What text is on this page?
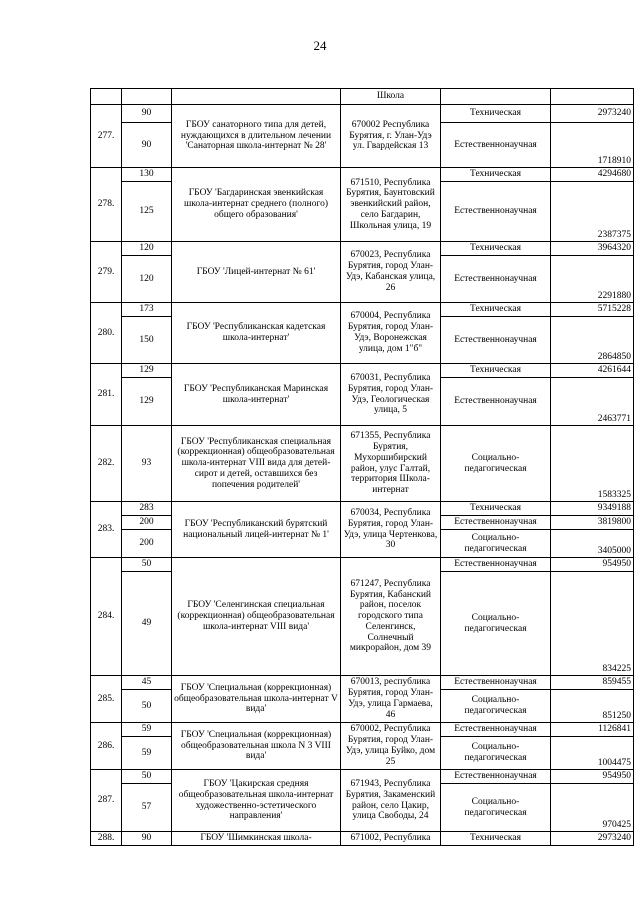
24
			Школа		
277.	90	ГБОУ санаторного типа для детей, нуждающихся в длительном лечении 'Санаторная школа-интернат № 28'	670002 Республика Бурятия, г. Улан-Удэ ул. Гвардейская 13	Техническая	2973240
	90			Естественнонаучная	1718910
278.	130	ГБОУ 'Багдаринская эвенкийская школа-интернат среднего (полного) общего образования'	671510, Республика Бурятия, Баунтовский эвенкийский район, село Багдарин, Школьная улица, 19	Техническая	4294680
	125			Естественнонаучная	2387375
279.	120	ГБОУ 'Лицей-интернат № 61'	670023, Республика Бурятия, город Улан-Удэ, Кабанская улица, 26	Техническая	3964320
	120			Естественнонаучная	2291880
280.	173	ГБОУ 'Республиканская кадетская школа-интернат'	670004, Республика Бурятия, город Улан-Удэ, Воронежская улица, дом 1"б"	Техническая	5715228
	150			Естественнонаучная	2864850
281.	129	ГБОУ 'Республиканская Маринская школа-интернат'	670031, Республика Бурятия, город Улан-Удэ, Геологическая улица, 5	Техническая	4261644
	129			Естественнонаучная	2463771
282.	93	ГБОУ 'Республиканская специальная (коррекционная) общеобразовательная школа-интернат VIII вида для детей-сирот и детей, оставшихся без попечения родителей'	671355, Республика Бурятия, Мухоршибирский район, улус Галтай, территория Школа-интернат	Социально-педагогическая	1583325
283.	283	ГБОУ 'Республиканский бурятский национальный лицей-интернат № 1'	670034, Республика Бурятия, город Улан-Удэ, улица Чертенкова, 30	Техническая	9349188
	200			Естественнонаучная	3819800
	200			Социально-педагогическая	3405000
284.	50	ГБОУ 'Селенгинская специальная (коррекционная) общеобразовательная школа-интернат VIII вида'	671247, Республика Бурятия, Кабанский район, поселок городского типа Селенгинск, Солнечный микрорайон, дом 39	Естественнонаучная	954950
	49			Социально-педагогическая	834225
285.	45	ГБОУ 'Специальная (коррекционная) общеобразовательная школа-интернат V вида'	670013, республика Бурятия, город Улан-Удэ, улица Гармаева, 46	Естественнонаучная	859455
	50			Социально-педагогическая	851250
286.	59	ГБОУ 'Специальная (коррекционная) общеобразовательная школа N 3 VIII вида'	670002, Республика Бурятия, город Улан-Удэ, улица Буйко, дом 25	Естественнонаучная	1126841
	59			Социально-педагогическая	1004475
287.	50	ГБОУ 'Цакирская средняя общеобразовательная школа-интернат художественно-эстетического направления'	671943, Республика Бурятия, Закаменский район, село Цакир, улица Свободы, 24	Естественнонаучная	954950
	57			Социально-педагогическая	970425
288.	90	ГБОУ 'Шимкинская школа-	671002, Республика	Техническая	2973240
